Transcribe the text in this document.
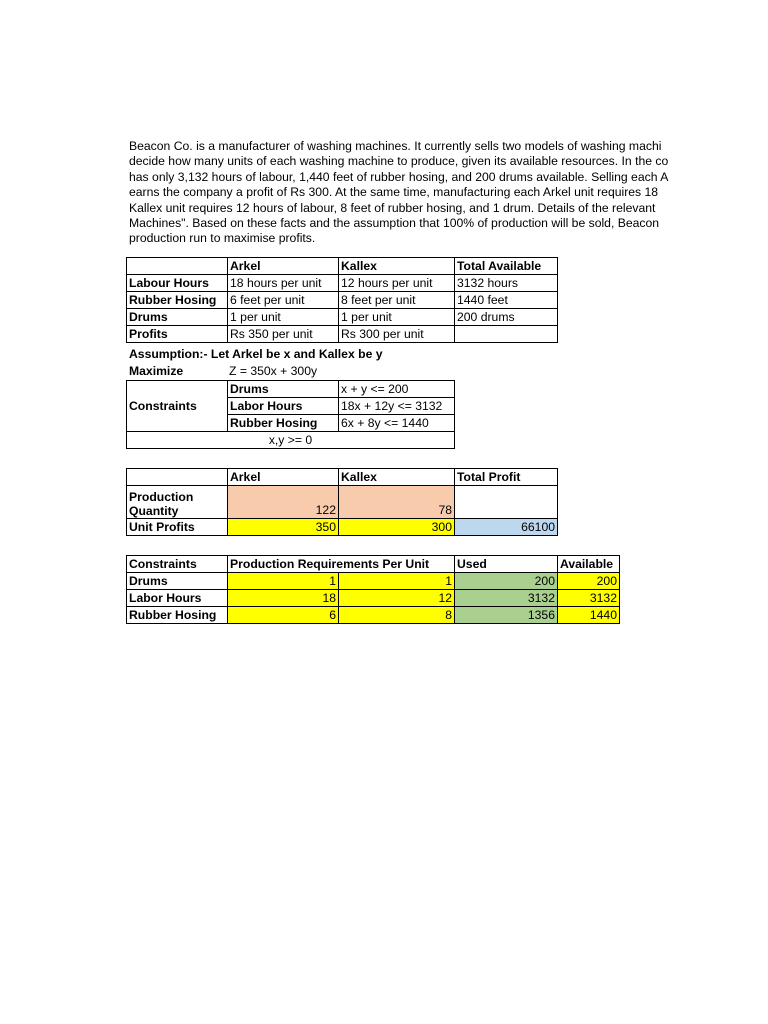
Beacon Co. is a manufacturer of washing machines. It currently sells two models of washing machi
decide how many units of each washing machine to produce, given its available resources. In the co
has only 3,132 hours of labour, 1,440 feet of rubber hosing, and 200 drums available. Selling each A
earns the company a profit of Rs 300. At the same time, manufacturing each Arkel unit requires 18
Kallex unit requires 12 hours of labour, 8 feet of rubber hosing, and 1 drum. Details of the relevant
Machines". Based on these facts and the assumption that 100% of production will be sold, Beacon
production run to maximise profits.
	Arkel	Kallex	Total Available
Labour Hours	18 hours per unit	12 hours per unit	3132 hours
Rubber Hosing	6 feet per unit	8 feet per unit	1440 feet
Drums	1 per unit	1 per unit	200 drums
Profits	Rs 350 per unit	Rs 300 per unit	
Assumption:- Let Arkel be x and Kallex be y
Maximize	Z = 350x + 300y
Constraints	Drums	x + y <= 200
	Labor Hours	18x + 12y <= 3132
	Rubber Hosing	6x + 8y <= 1440
x,y >= 0		
	Arkel	Kallex	Total Profit
Production Quantity	122	78	
Unit Profits	350	300	66100
Constraints	Production Requirements Per Unit		Used	Available
Drums	1	1	200	200
Labor Hours	18	12	3132	3132
Rubber Hosing	6	8	1356	1440
